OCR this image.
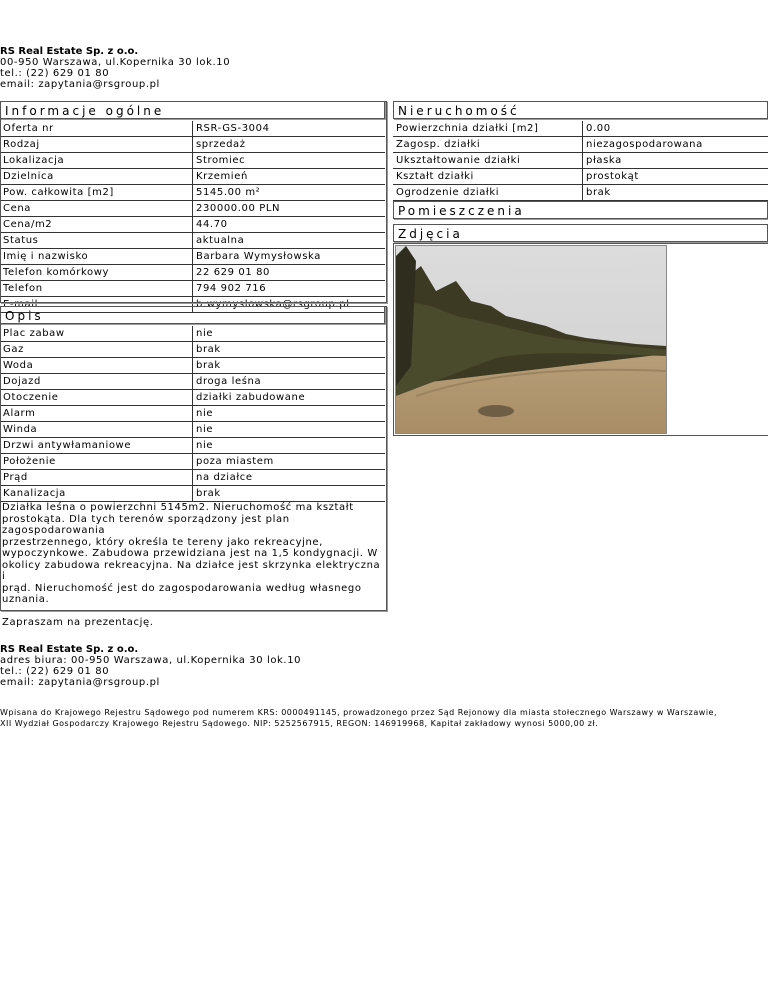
RS Real Estate Sp. z o.o.
00-950 Warszawa, ul.Kopernika 30 lok.10
tel.: (22) 629 01 80
email: zapytania@rsgroup.pl
Informacje ogólne
Oferta nr	RSR-GS-3004
Rodzaj	sprzedaż
Lokalizacja	Stromiec
Dzielnica	Krzemień
Pow. całkowita [m2]	5145.00 m²
Cena	230000.00 PLN
Cena/m2	44.70
Status	aktualna
Imię i nazwisko	Barbara Wymysłowska
Telefon komórkowy	22 629 01 80
Telefon	794 902 716
E-mail	b.wymyslowska@rsgroup.pl
Nieruchomość
Powierzchnia działki [m2]	0.00
Zagosp. działki	niezagospodarowana
Ukształtowanie działki	płaska
Kształt działki	prostokąt
Ogrodzenie działki	brak
Pomieszczenia
Zdjęcia
Opis
Plac zabaw	nie
Gaz	brak
Woda	brak
Dojazd	droga leśna
Otoczenie	działki zabudowane
Alarm	nie
Winda	nie
Drzwi antywłamaniowe	nie
Położenie	poza miastem
Prąd	na działce
Kanalizacja	brak
Działka leśna o powierzchni 5145m2. Nieruchomość ma kształt
prostokąta. Dla tych terenów sporządzony jest plan zagospodarowania
przestrzennego, który określa te tereny jako rekreacyjne,
wypoczynkowe. Zabudowa przewidziana jest na 1,5 kondygnacji. W
okolicy zabudowa rekreacyjna. Na działce jest skrzynka elektryczna i
prąd. Nieruchomość jest do zagospodarowania według własnego
uznania.

Zapraszam na prezentację.
RS Real Estate Sp. z o.o.
adres biura: 00-950 Warszawa, ul.Kopernika 30 lok.10
tel.: (22) 629 01 80
email: zapytania@rsgroup.pl
Wpisana do Krajowego Rejestru Sądowego pod numerem KRS: 0000491145, prowadzonego przez Sąd Rejonowy dla miasta stołecznego Warszawy w Warszawie,
XII Wydział Gospodarczy Krajowego Rejestru Sądowego. NIP: 5252567915, REGON: 146919968, Kapitał zakładowy wynosi 5000,00 zł.
